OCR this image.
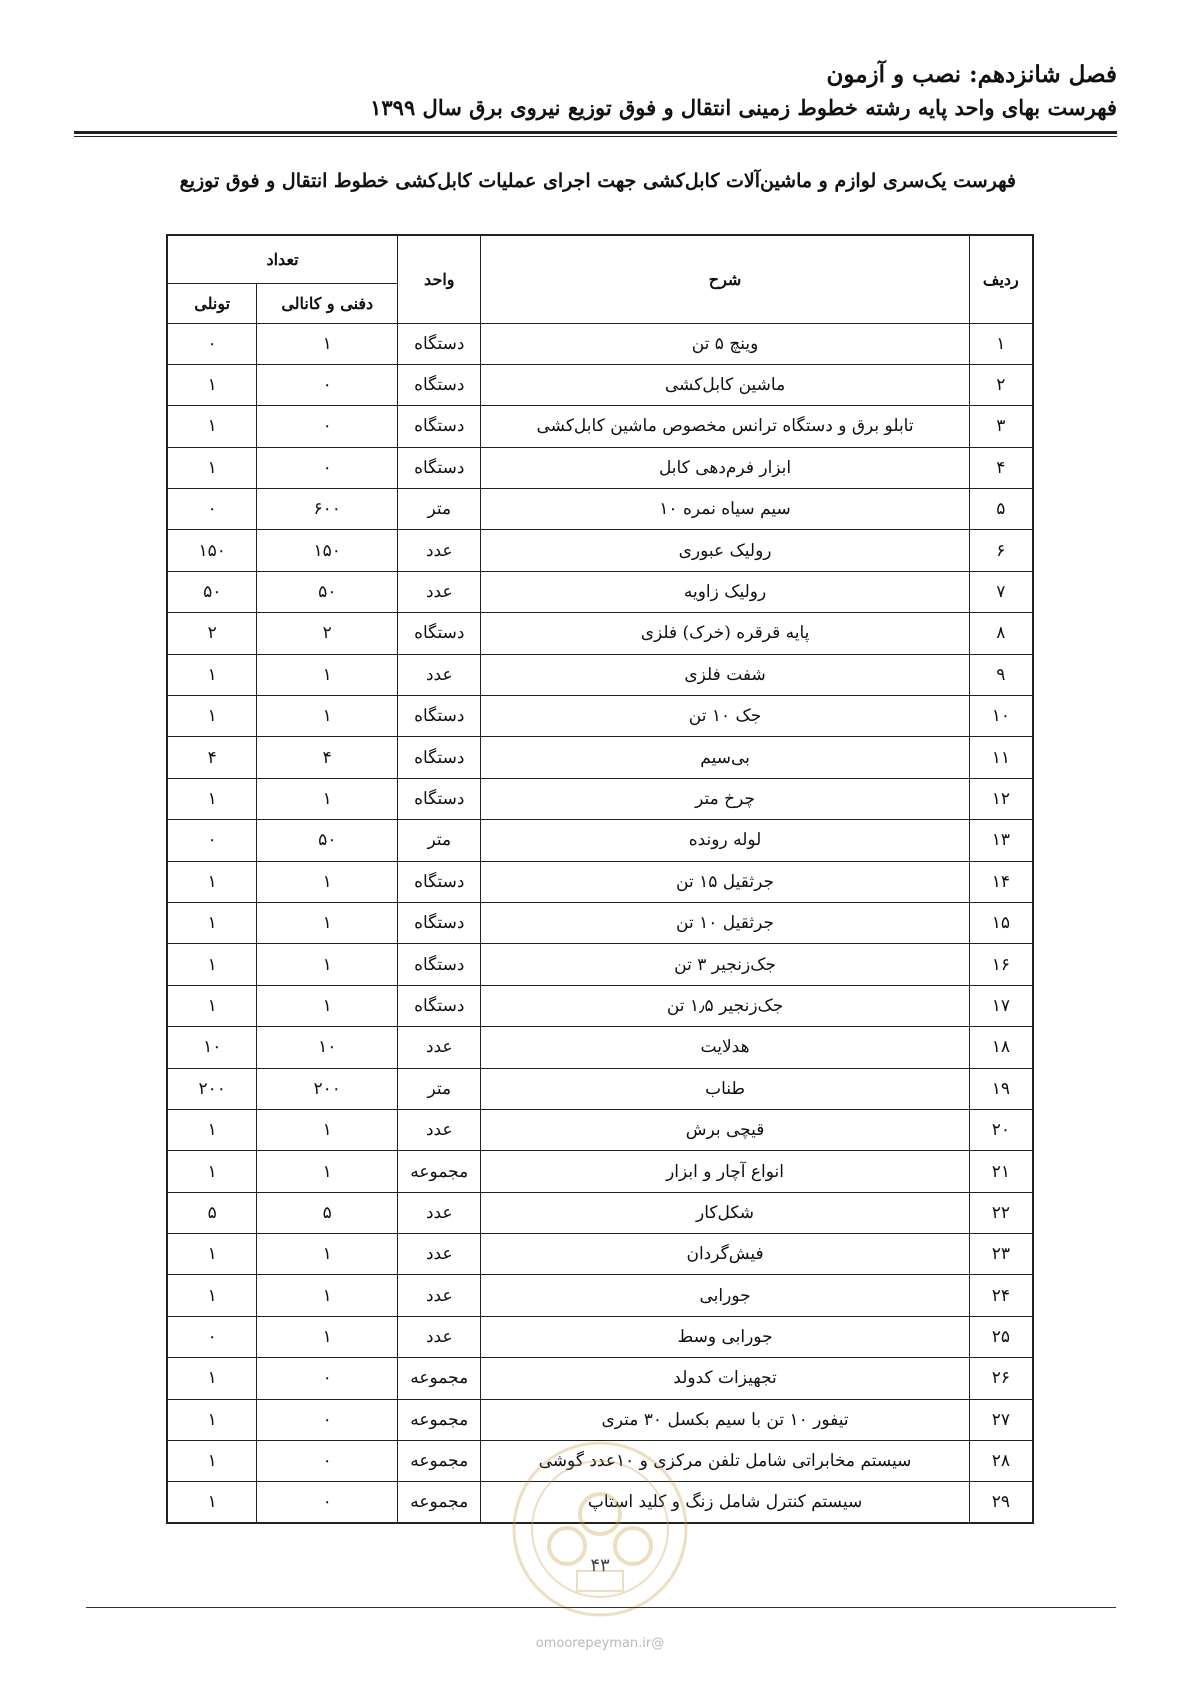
فصل شانزدهم: نصب و آزمون
فهرست بهای واحد پایه رشته خطوط زمینی انتقال و فوق توزیع نیروی برق سال ۱۳۹۹
فهرست یک‌سری لوازم و ماشین‌آلات کابل‌کشی جهت اجرای عملیات کابل‌کشی خطوط انتقال و فوق توزیع
ردیف	شرح	واحد	تعداد	
			دفنی و کانالی	تونلی
۱	وینچ ۵ تن	دستگاه	۱	۰
۲	ماشین کابل‌کشی	دستگاه	۰	۱
۳	تابلو برق و دستگاه ترانس مخصوص ماشین کابل‌کشی	دستگاه	۰	۱
۴	ابزار فرم‌دهی کابل	دستگاه	۰	۱
۵	سیم سیاه نمره ۱۰	متر	۶۰۰	۰
۶	رولیک عبوری	عدد	۱۵۰	۱۵۰
۷	رولیک زاویه	عدد	۵۰	۵۰
۸	پایه قرقره (خرک) فلزی	دستگاه	۲	۲
۹	شفت فلزی	عدد	۱	۱
۱۰	جک ۱۰ تن	دستگاه	۱	۱
۱۱	بی‌سیم	دستگاه	۴	۴
۱۲	چرخ متر	دستگاه	۱	۱
۱۳	لوله رونده	متر	۵۰	۰
۱۴	جرثقیل ۱۵ تن	دستگاه	۱	۱
۱۵	جرثقیل ۱۰ تن	دستگاه	۱	۱
۱۶	جک‌زنجیر ۳ تن	دستگاه	۱	۱
۱۷	جک‌زنجیر ۱٫۵ تن	دستگاه	۱	۱
۱۸	هدلایت	عدد	۱۰	۱۰
۱۹	طناب	متر	۲۰۰	۲۰۰
۲۰	قیچی برش	عدد	۱	۱
۲۱	انواع آچار و ابزار	مجموعه	۱	۱
۲۲	شکل‌کار	عدد	۵	۵
۲۳	فیش‌گردان	عدد	۱	۱
۲۴	جورابی	عدد	۱	۱
۲۵	جورابی وسط	عدد	۱	۰
۲۶	تجهیزات کدولد	مجموعه	۰	۱
۲۷	تیفور ۱۰ تن با سیم بکسل ۳۰ متری	مجموعه	۰	۱
۲۸	سیستم مخابراتی شامل تلفن مرکزی و ۱۰عدد گوشی	مجموعه	۰	۱
۲۹	سیستم کنترل شامل زنگ و کلید استاپ	مجموعه	۰	۱
۴۳
@omoorepeyman.ir
